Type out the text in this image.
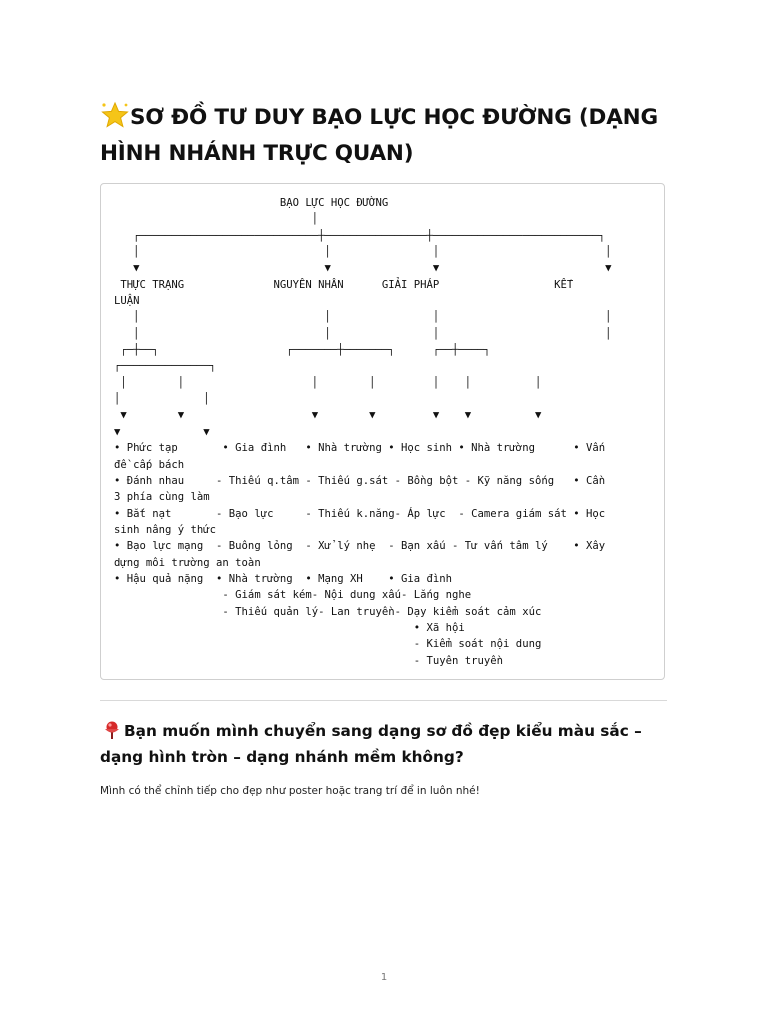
SƠ ĐỒ TƯ DUY BẠO LỰC HỌC ĐƯỜNG (DẠNG HÌNH NHÁNH TRỰC QUAN)
BẠO LỰC HỌC ĐƯỜNG
│
┌────────────────────────────┼────────────────┼──────────────────────────┐
│                             │                │                          │
▼                             ▼                ▼                          ▼
THỰC TRẠNG              NGUYÊN NHÂN      GIẢI PHÁP                  KẾT
LUẬN
│                             │                │                          │
│                             │                │                          │
┌─┼──┐                    ┌───────┼───────┐      ┌──┼────┐
┌──────────────┐
│        │                    │        │         │    │          │
│             │
▼        ▼                    ▼        ▼         ▼    ▼          ▼
▼             ▼
• Phức tạp       • Gia đình   • Nhà trường • Học sinh • Nhà trường      • Vấn
đề cấp bách
• Đánh nhau     - Thiếu q.tâm - Thiếu g.sát - Bồng bột - Kỹ năng sống   • Cần
3 phía cùng làm
• Bắt nạt       - Bạo lực     - Thiếu k.năng- Áp lực  - Camera giám sát • Học
sinh nâng ý thức
• Bạo lực mạng  - Buông lỏng  - Xử lý nhẹ  - Bạn xấu - Tư vấn tâm lý    • Xây
dựng môi trường an toàn
• Hậu quả nặng  • Nhà trường  • Mạng XH    • Gia đình
- Giám sát kém- Nội dung xấu- Lắng nghe
- Thiếu quản lý- Lan truyền- Dạy kiểm soát cảm xúc
• Xã hội
- Kiểm soát nội dung
- Tuyên truyền
Bạn muốn mình chuyển sang dạng sơ đồ đẹp kiểu màu sắc – dạng hình tròn – dạng nhánh mềm không?

Mình có thể chỉnh tiếp cho đẹp như poster hoặc trang trí để in luôn nhé!

1
